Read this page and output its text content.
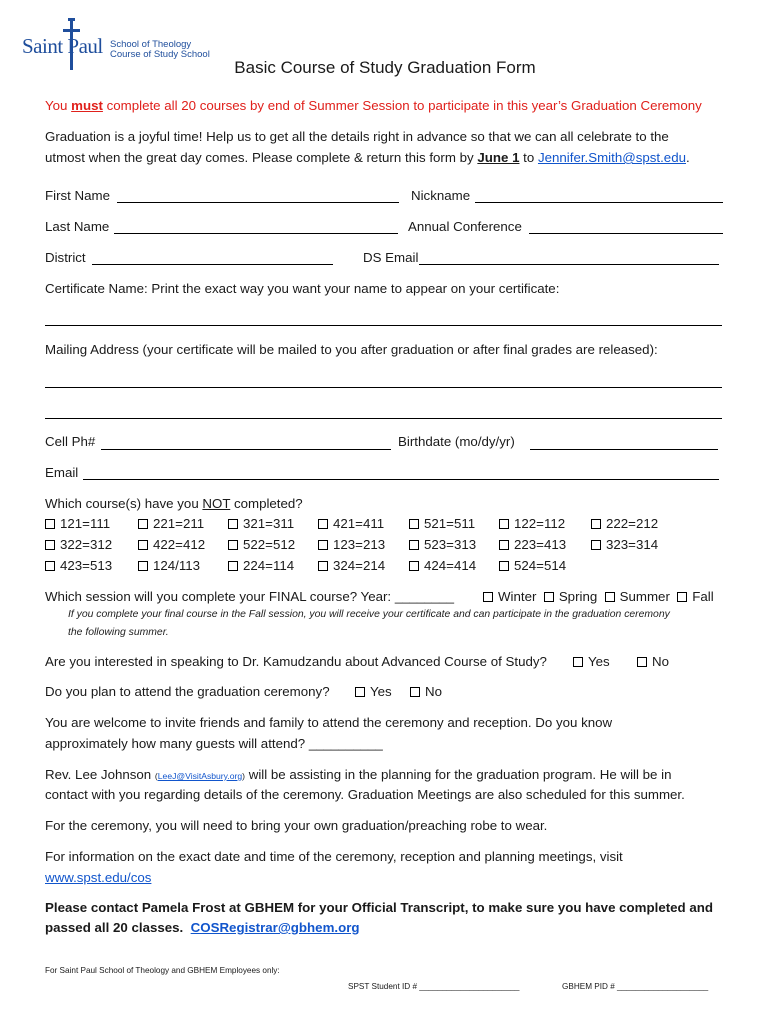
Saint Paul School of Theology
Course of Study School
Basic Course of Study Graduation Form
You must complete all 20 courses by end of Summer Session to participate in this year’s Graduation Ceremony
Graduation is a joyful time! Help us to get all the details right in advance so that we can all celebrate to the
utmost when the great day comes. Please complete & return this form by June 1 to Jennifer.Smith@spst.edu.
First Name	Nickname
Last Name	Annual Conference
District	DS Email
Certificate Name: Print the exact way you want your name to appear on your certificate:
Mailing Address (your certificate will be mailed to you after graduation or after final grades are released):
Cell Ph#	Birthdate (mo/dy/yr)
Email
Which course(s) have you NOT completed?
121=111	221=211	321=311	421=411	521=511	122=112	222=212
322=312	422=412	522=512	123=213	523=313	223=413	323=314
423=513	124/113	224=114	324=214	424=414	524=514
Which session will you complete your FINAL course? Year: ________	Winter Spring Summer Fall
If you complete your final course in the Fall session, you will receive your certificate and can participate in the graduation ceremony
the following summer.
Are you interested in speaking to Dr. Kamudzandu about Advanced Course of Study?	Yes	No
Do you plan to attend the graduation ceremony?	Yes	No
You are welcome to invite friends and family to attend the ceremony and reception. Do you know
approximately how many guests will attend? __________
Rev. Lee Johnson (LeeJ@VisitAsbury.org) will be assisting in the planning for the graduation program. He will be in
contact with you regarding details of the ceremony. Graduation Meetings are also scheduled for this summer.
For the ceremony, you will need to bring your own graduation/preaching robe to wear.
For information on the exact date and time of the ceremony, reception and planning meetings, visit
www.spst.edu/cos
Please contact Pamela Frost at GBHEM for your Official Transcript, to make sure you have completed and
passed all 20 classes.  COSRegistrar@gbhem.org
For Saint Paul School of Theology and GBHEM Employees only:
SPST Student ID # ______________________	GBHEM PID # ____________________
